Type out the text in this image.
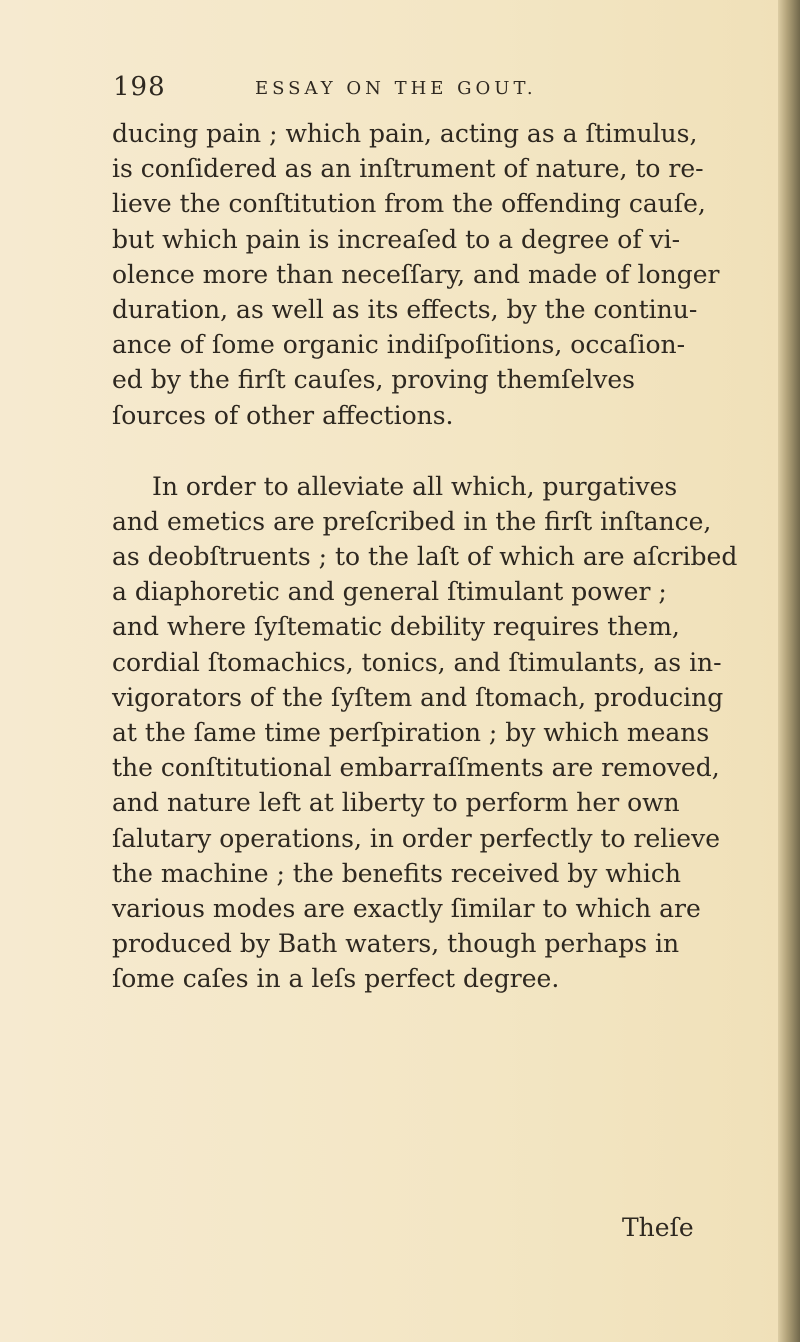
198	ESSAY ON THE GOUT.
ducing pain ; which pain, acting as a ſtimulus,
is conſidered as an inſtrument of nature, to re-
lieve the conſtitution from the offending cauſe,
but which pain is increaſed to a degree of vi-
olence more than neceſſary, and made of longer
duration, as well as its effects, by the continu-
ance of ſome organic indiſpoſitions, occaſion-
ed by the firſt cauſes, proving themſelves
ſources of other affections.
In order to alleviate all which, purgatives
and emetics are preſcribed in the firſt inſtance,
as deobſtruents ; to the laſt of which are aſcribed
a diaphoretic and general ſtimulant power ;
and where ſyſtematic debility requires them,
cordial ſtomachics, tonics, and ſtimulants, as in-
vigorators of the ſyſtem and ſtomach, producing
at the ſame time perſpiration ; by which means
the conſtitutional embarraſſments are removed,
and nature left at liberty to perform her own
ſalutary operations, in order perfectly to relieve
the machine ; the benefits received by which
various modes are exactly ſimilar to which are
produced by Bath waters, though perhaps in
ſome caſes in a leſs perfect degree.
Theſe
